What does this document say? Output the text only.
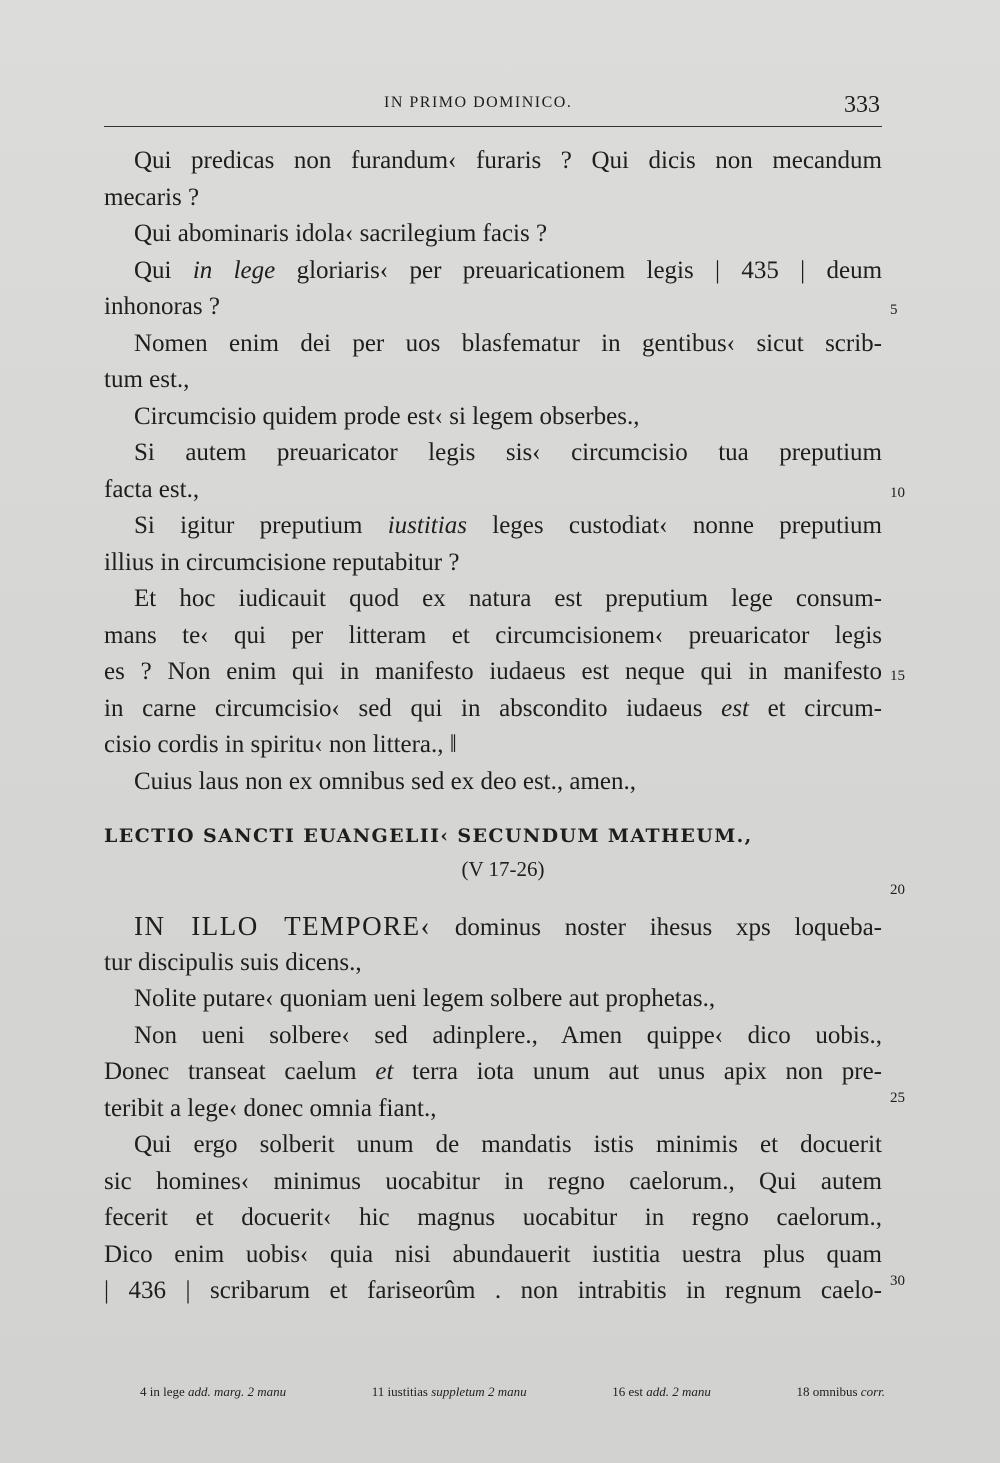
IN PRIMO DOMINICO.	333
Qui predicas non furandum‹ furaris ? Qui dicis non mecandum
mecaris ?
Qui abominaris idola‹ sacrilegium facis ?
Qui in lege gloriaris‹ per preuaricationem legis | 435 | deum
inhonoras ?
Nomen enim dei per uos blasfematur in gentibus‹ sicut scrib-
tum est.,
Circumcisio quidem prode est‹ si legem obserbes.,
Si autem preuaricator legis sis‹ circumcisio tua preputium
facta est.,
Si igitur preputium iustitias leges custodiat‹ nonne preputium
illius in circumcisione reputabitur ?
Et hoc iudicauit quod ex natura est preputium lege consum-
mans te‹ qui per litteram et circumcisionem‹ preuaricator legis
es ? Non enim qui in manifesto iudaeus est neque qui in manifesto
in carne circumcisio‹ sed qui in abscondito iudaeus est et circum-
cisio cordis in spiritu‹ non littera., ‖
Cuius laus non ex omnibus sed ex deo est., amen.,
LECTIO SANCTI EUANGELII‹ SECUNDUM MATHEUM.,
(V 17-26)
IN ILLO TEMPORE‹ dominus noster ihesus xps loqueba-
tur discipulis suis dicens.,
Nolite putare‹ quoniam ueni legem solbere aut prophetas.,
Non ueni solbere‹ sed adinplere., Amen quippe‹ dico uobis.,
Donec transeat caelum et terra iota unum aut unus apix non pre-
teribit a lege‹ donec omnia fiant.,
Qui ergo solberit unum de mandatis istis minimis et docuerit
sic homines‹ minimus uocabitur in regno caelorum., Qui autem
fecerit et docuerit‹ hic magnus uocabitur in regno caelorum.,
Dico enim uobis‹ quia nisi abundauerit iustitia uestra plus quam
| 436 | scribarum et fariseorûm . non intrabitis in regnum caelo-
5
10
15
20
25
30
4 in lege add. marg. 2 manu	11 iustitias suppletum 2 manu	16 est add. 2 manu	18 omnibus corr.
